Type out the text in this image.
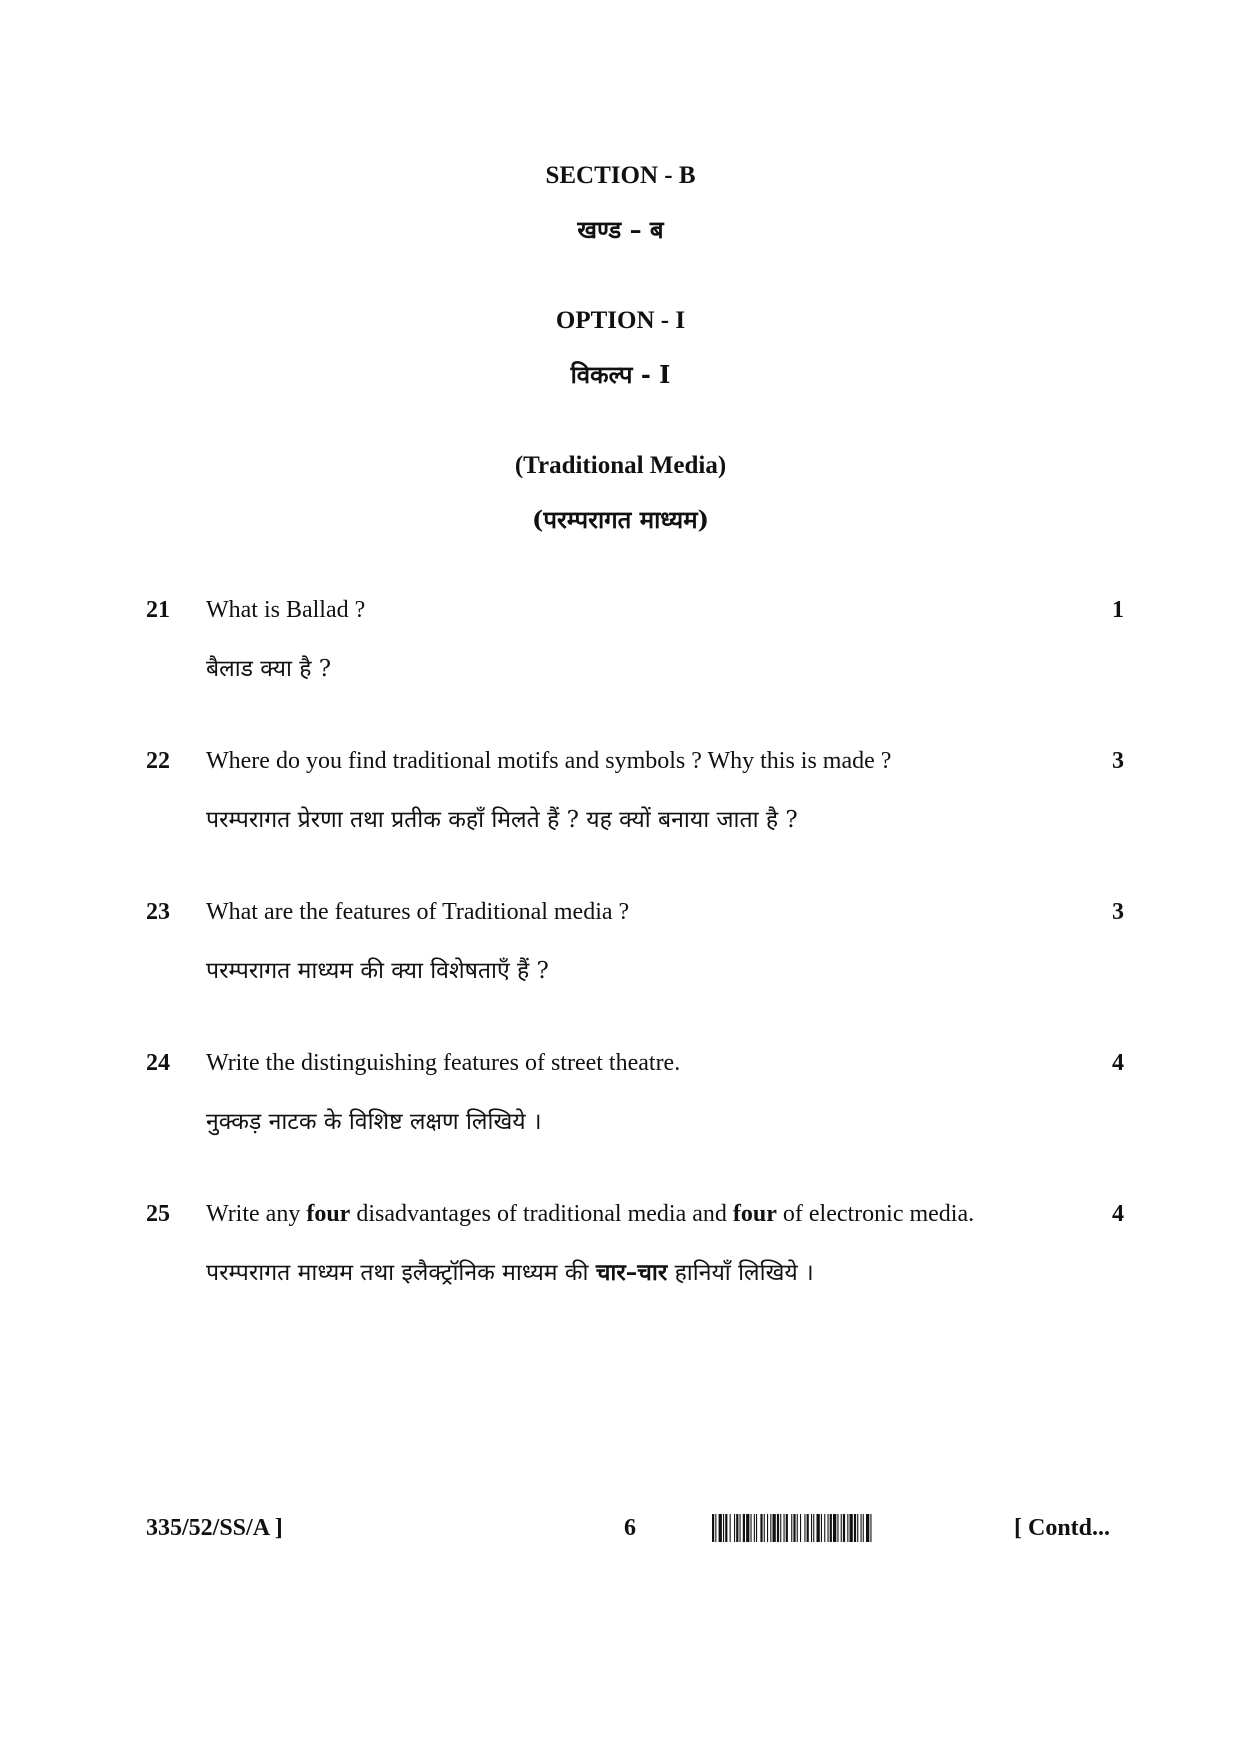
SECTION - B
खण्ड – ब
OPTION - I
विकल्प - I
(Traditional Media)
(परम्परागत माध्यम)
21 What is Ballad ?
बैलाड क्या है ?
1
22 Where do you find traditional motifs and symbols ? Why this is made ?
परम्परागत प्रेरणा तथा प्रतीक कहाँ मिलते हैं ? यह क्यों बनाया जाता है ?
3
23 What are the features of Traditional media ?
परम्परागत माध्यम की क्या विशेषताएँ हैं ?
3
24 Write the distinguishing features of street theatre.
नुक्कड़ नाटक के विशिष्ट लक्षण लिखिये ।
4
25 Write any four disadvantages of traditional media and four of electronic media.
परम्परागत माध्यम तथा इलैक्ट्रॉनिक माध्यम की चार–चार हानियाँ लिखिये ।
4
335/52/SS/A ]	6	[ Contd...
